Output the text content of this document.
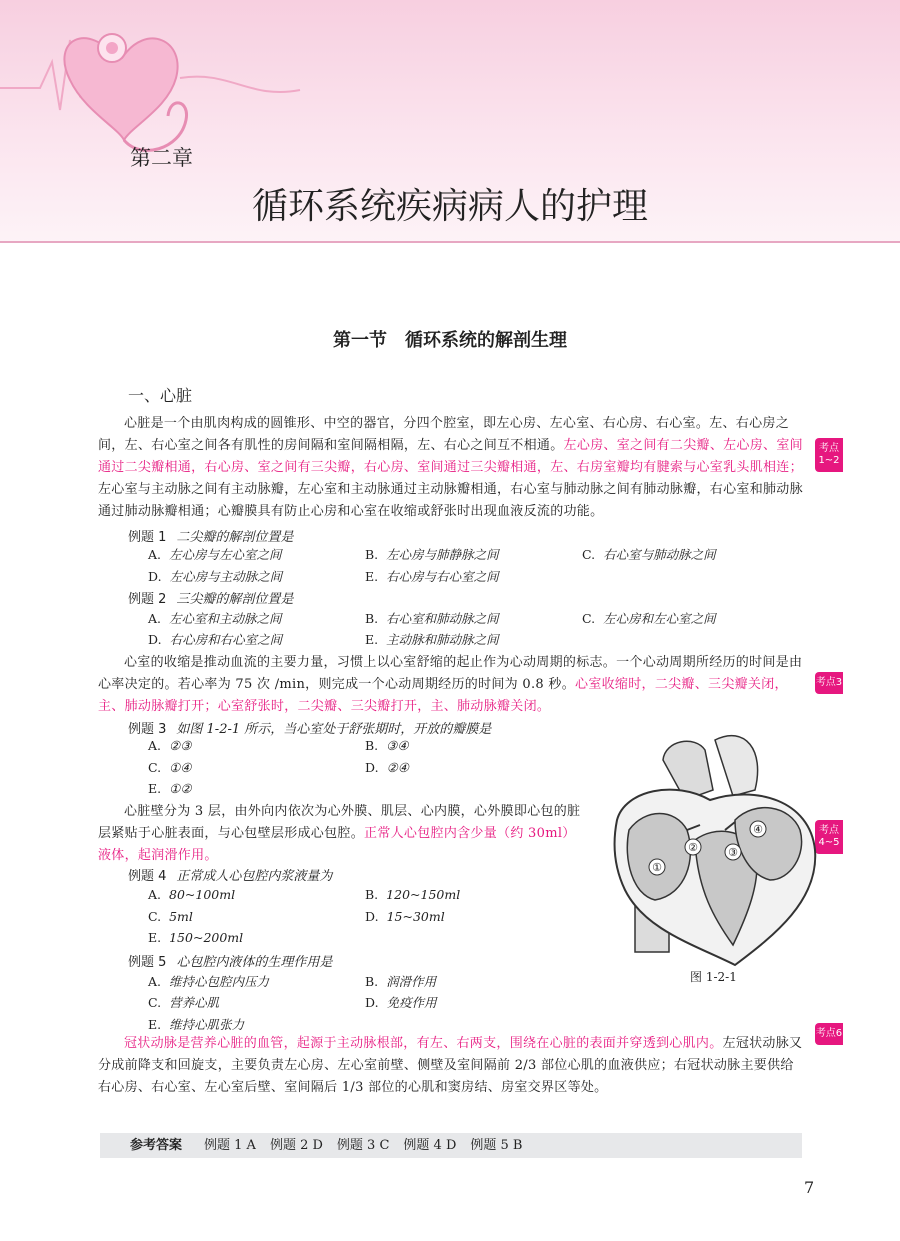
第二章
循环系统疾病病人的护理
第一节　循环系统的解剖生理
一、心脏
心脏是一个由肌肉构成的圆锥形、中空的器官，分四个腔室，即左心房、左心室、右心房、右心室。左、右心房之间，左、右心室之间各有肌性的房间隔和室间隔相隔，左、右心之间互不相通。左心房、室之间有二尖瓣、左心房、室间通过二尖瓣相通，右心房、室之间有三尖瓣，右心房、室间通过三尖瓣相通，左、右房室瓣均有腱索与心室乳头肌相连；左心室与主动脉之间有主动脉瓣，左心室和主动脉通过主动脉瓣相通，右心室与肺动脉之间有肺动脉瓣，右心室和肺动脉通过肺动脉瓣相通；心瓣膜具有防止心房和心室在收缩或舒张时出现血液反流的功能。
例题 1 二尖瓣的解剖位置是
A. 左心房与左心室之间	B. 左心房与肺静脉之间	C. 右心室与肺动脉之间
D. 左心房与主动脉之间	E. 右心房与右心室之间
例题 2 三尖瓣的解剖位置是
A. 左心室和主动脉之间	B. 右心室和肺动脉之间	C. 左心房和左心室之间
D. 右心房和右心室之间	E. 主动脉和肺动脉之间
心室的收缩是推动血流的主要力量，习惯上以心室舒缩的起止作为心动周期的标志。一个心动周期所经历的时间是由心率决定的。若心率为 75 次 /min，则完成一个心动周期经历的时间为 0.8 秒。心室收缩时，二尖瓣、三尖瓣关闭，主、肺动脉瓣打开；心室舒张时，二尖瓣、三尖瓣打开，主、肺动脉瓣关闭。
例题 3 如图 1-2-1 所示，当心室处于舒张期时，开放的瓣膜是
A. ②③	B. ③④
C. ①④	D. ②④
E. ①②
心脏壁分为 3 层，由外向内依次为心外膜、肌层、心内膜，心外膜即心包的脏层紧贴于心脏表面，与心包壁层形成心包腔。正常人心包腔内含少量（约 30ml）液体，起润滑作用。
例题 4 正常成人心包腔内浆液量为
A. 80~100ml	B. 120~150ml
C. 5ml	D. 15~30ml
E. 150~200ml
例题 5 心包腔内液体的生理作用是
A. 维持心包腔内压力	B. 润滑作用
C. 营养心肌	D. 免疫作用
E. 维持心肌张力
冠状动脉是营养心脏的血管，起源于主动脉根部，有左、右两支，围绕在心脏的表面并穿透到心肌内。左冠状动脉又分成前降支和回旋支，主要负责左心房、左心室前壁、侧壁及室间隔前 2/3 部位心肌的血液供应；右冠状动脉主要供给右心房、右心室、左心室后壁、室间隔后 1/3 部位的心肌和窦房结、房室交界区等处。
考点1~2
考点3
考点4~5
考点6
①
②	③
④
图 1-2-1
参考答案 例题 1 A 例题 2 D 例题 3 C 例题 4 D 例题 5 B
7
